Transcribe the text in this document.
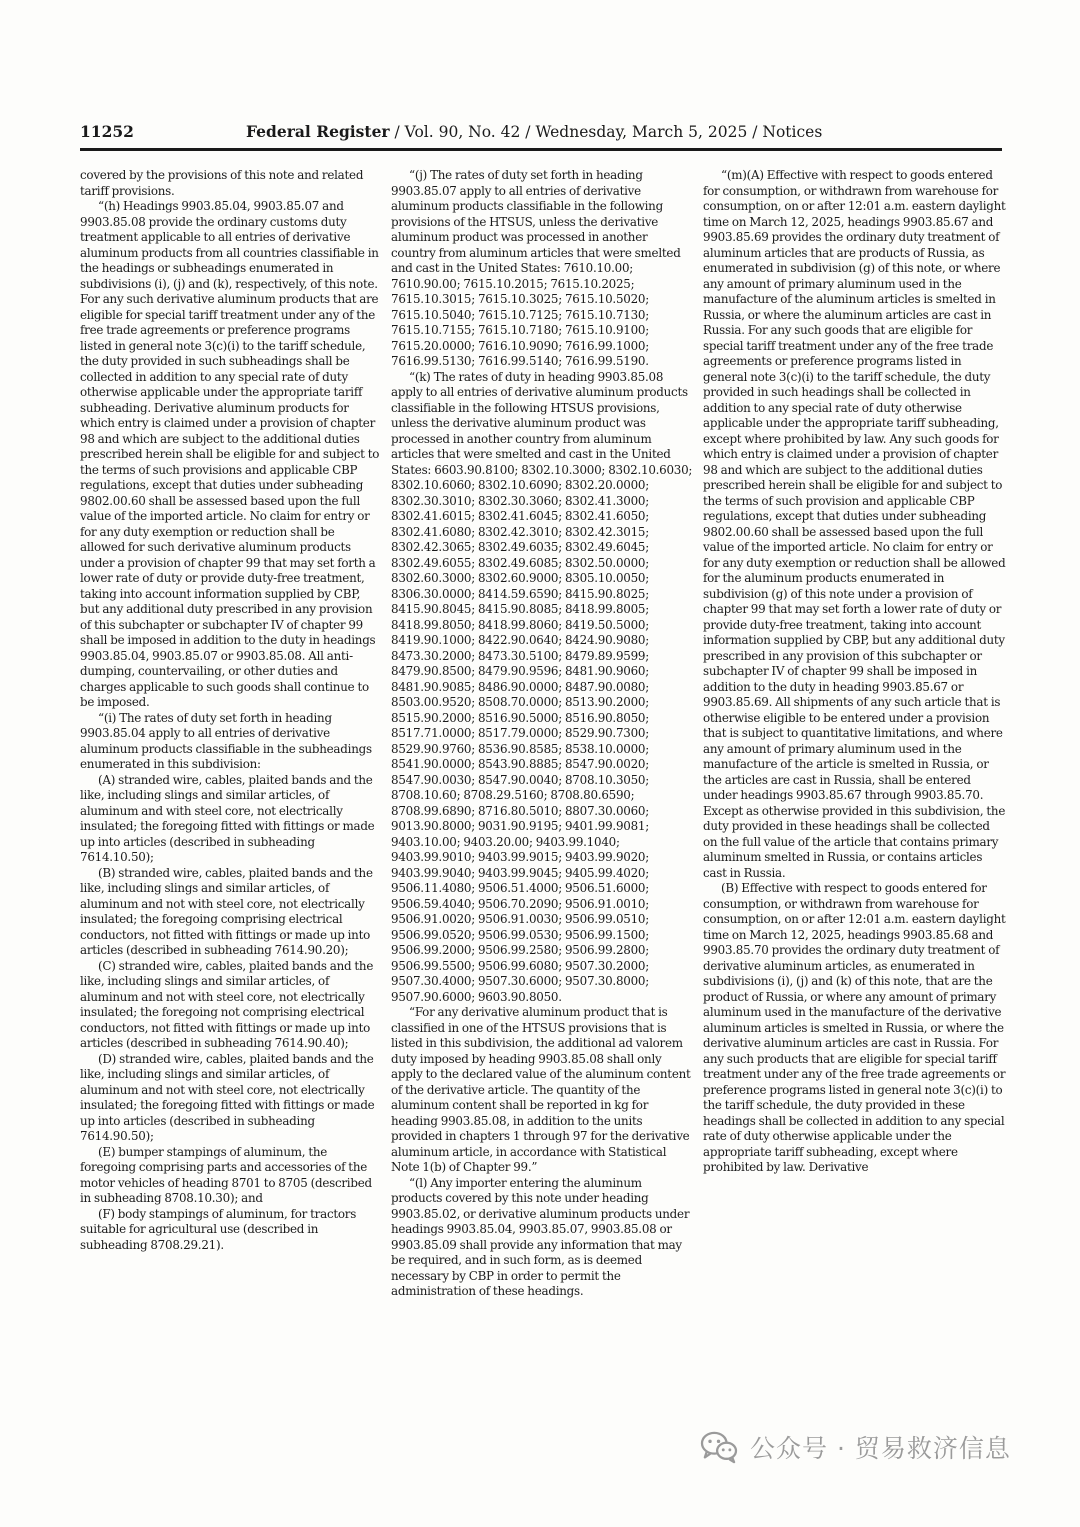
11252	Federal Register / Vol. 90, No. 42 / Wednesday, March 5, 2025 / Notices

covered by the provisions of this note and related tariff provisions.

“(h) Headings 9903.85.04, 9903.85.07 and 9903.85.08 provide the ordinary customs duty treatment applicable to all entries of derivative aluminum products from all countries classifiable in the headings or subheadings enumerated in subdivisions (i), (j) and (k), respectively, of this note. For any such derivative aluminum products that are eligible for special tariff treatment under any of the free trade agreements or preference programs listed in general note 3(c)(i) to the tariff schedule, the duty provided in such subheadings shall be collected in addition to any special rate of duty otherwise applicable under the appropriate tariff subheading. Derivative aluminum products for which entry is claimed under a provision of chapter 98 and which are subject to the additional duties prescribed herein shall be eligible for and subject to the terms of such provisions and applicable CBP regulations, except that duties under subheading 9802.00.60 shall be assessed based upon the full value of the imported article. No claim for entry or for any duty exemption or reduction shall be allowed for such derivative aluminum products under a provision of chapter 99 that may set forth a lower rate of duty or provide duty-free treatment, taking into account information supplied by CBP, but any additional duty prescribed in any provision of this subchapter or subchapter IV of chapter 99 shall be imposed in addition to the duty in headings 9903.85.04, 9903.85.07 or 9903.85.08. All anti-dumping, countervailing, or other duties and charges applicable to such goods shall continue to be imposed.

“(i) The rates of duty set forth in heading 9903.85.04 apply to all entries of derivative aluminum products classifiable in the subheadings enumerated in this subdivision:

(A) stranded wire, cables, plaited bands and the like, including slings and similar articles, of aluminum and with steel core, not electrically insulated; the foregoing fitted with fittings or made up into articles (described in subheading 7614.10.50);

(B) stranded wire, cables, plaited bands and the like, including slings and similar articles, of aluminum and not with steel core, not electrically insulated; the foregoing comprising electrical conductors, not fitted with fittings or made up into articles (described in subheading 7614.90.20);

(C) stranded wire, cables, plaited bands and the like, including slings and similar articles, of aluminum and not with steel core, not electrically insulated; the foregoing not comprising electrical conductors, not fitted with fittings or made up into articles (described in subheading 7614.90.40);

(D) stranded wire, cables, plaited bands and the like, including slings and similar articles, of aluminum and not with steel core, not electrically insulated; the foregoing fitted with fittings or made up into articles (described in subheading 7614.90.50);

(E) bumper stampings of aluminum, the foregoing comprising parts and accessories of the motor vehicles of heading 8701 to 8705 (described in subheading 8708.10.30); and

(F) body stampings of aluminum, for tractors suitable for agricultural use (described in subheading 8708.29.21).

“(j) The rates of duty set forth in heading 9903.85.07 apply to all entries of derivative aluminum products classifiable in the following provisions of the HTSUS, unless the derivative aluminum product was processed in another country from aluminum articles that were smelted and cast in the United States: 7610.10.00; 7610.90.00; 7615.10.2015; 7615.10.2025; 7615.10.3015; 7615.10.3025; 7615.10.5020; 7615.10.5040; 7615.10.7125; 7615.10.7130; 7615.10.7155; 7615.10.7180; 7615.10.9100; 7615.20.0000; 7616.10.9090; 7616.99.1000; 7616.99.5130; 7616.99.5140; 7616.99.5190.

“(k) The rates of duty in heading 9903.85.08 apply to all entries of derivative aluminum products classifiable in the following HTSUS provisions, unless the derivative aluminum product was processed in another country from aluminum articles that were smelted and cast in the United States: 6603.90.8100; 8302.10.3000; 8302.10.6030; 8302.10.6060; 8302.10.6090; 8302.20.0000; 8302.30.3010; 8302.30.3060; 8302.41.3000; 8302.41.6015; 8302.41.6045; 8302.41.6050; 8302.41.6080; 8302.42.3010; 8302.42.3015; 8302.42.3065; 8302.49.6035; 8302.49.6045; 8302.49.6055; 8302.49.6085; 8302.50.0000; 8302.60.3000; 8302.60.9000; 8305.10.0050; 8306.30.0000; 8414.59.6590; 8415.90.8025; 8415.90.8045; 8415.90.8085; 8418.99.8005; 8418.99.8050; 8418.99.8060; 8419.50.5000; 8419.90.1000; 8422.90.0640; 8424.90.9080; 8473.30.2000; 8473.30.5100; 8479.89.9599; 8479.90.8500; 8479.90.9596; 8481.90.9060; 8481.90.9085; 8486.90.0000; 8487.90.0080; 8503.00.9520; 8508.70.0000; 8513.90.2000; 8515.90.2000; 8516.90.5000; 8516.90.8050; 8517.71.0000; 8517.79.0000; 8529.90.7300; 8529.90.9760; 8536.90.8585; 8538.10.0000; 8541.90.0000; 8543.90.8885; 8547.90.0020; 8547.90.0030; 8547.90.0040; 8708.10.3050; 8708.10.60; 8708.29.5160; 8708.80.6590; 8708.99.6890; 8716.80.5010; 8807.30.0060; 9013.90.8000; 9031.90.9195; 9401.99.9081; 9403.10.00; 9403.20.00; 9403.99.1040; 9403.99.9010; 9403.99.9015; 9403.99.9020; 9403.99.9040; 9403.99.9045; 9405.99.4020; 9506.11.4080; 9506.51.4000; 9506.51.6000; 9506.59.4040; 9506.70.2090; 9506.91.0010; 9506.91.0020; 9506.91.0030; 9506.99.0510; 9506.99.0520; 9506.99.0530; 9506.99.1500; 9506.99.2000; 9506.99.2580; 9506.99.2800; 9506.99.5500; 9506.99.6080; 9507.30.2000; 9507.30.4000; 9507.30.6000; 9507.30.8000; 9507.90.6000; 9603.90.8050.

“For any derivative aluminum product that is classified in one of the HTSUS provisions that is listed in this subdivision, the additional ad valorem duty imposed by heading 9903.85.08 shall only apply to the declared value of the aluminum content of the derivative article. The quantity of the aluminum content shall be reported in kg for heading 9903.85.08, in addition to the units provided in chapters 1 through 97 for the derivative aluminum article, in accordance with Statistical Note 1(b) of Chapter 99.”

“(l) Any importer entering the aluminum products covered by this note under heading 9903.85.02, or derivative aluminum products under headings 9903.85.04, 9903.85.07, 9903.85.08 or 9903.85.09 shall provide any information that may be required, and in such form, as is deemed necessary by CBP in order to permit the administration of these headings.

“(m)(A) Effective with respect to goods entered for consumption, or withdrawn from warehouse for consumption, on or after 12:01 a.m. eastern daylight time on March 12, 2025, headings 9903.85.67 and 9903.85.69 provides the ordinary duty treatment of aluminum articles that are products of Russia, as enumerated in subdivision (g) of this note, or where any amount of primary aluminum used in the manufacture of the aluminum articles is smelted in Russia, or where the aluminum articles are cast in Russia. For any such goods that are eligible for special tariff treatment under any of the free trade agreements or preference programs listed in general note 3(c)(i) to the tariff schedule, the duty provided in such headings shall be collected in addition to any special rate of duty otherwise applicable under the appropriate tariff subheading, except where prohibited by law. Any such goods for which entry is claimed under a provision of chapter 98 and which are subject to the additional duties prescribed herein shall be eligible for and subject to the terms of such provision and applicable CBP regulations, except that duties under subheading 9802.00.60 shall be assessed based upon the full value of the imported article. No claim for entry or for any duty exemption or reduction shall be allowed for the aluminum products enumerated in subdivision (g) of this note under a provision of chapter 99 that may set forth a lower rate of duty or provide duty-free treatment, taking into account information supplied by CBP, but any additional duty prescribed in any provision of this subchapter or subchapter IV of chapter 99 shall be imposed in addition to the duty in heading 9903.85.67 or 9903.85.69. All shipments of any such article that is otherwise eligible to be entered under a provision that is subject to quantitative limitations, and where any amount of primary aluminum used in the manufacture of the article is smelted in Russia, or the articles are cast in Russia, shall be entered under headings 9903.85.67 through 9903.85.70. Except as otherwise provided in this subdivision, the duty provided in these headings shall be collected on the full value of the article that contains primary aluminum smelted in Russia, or contains articles cast in Russia.

(B) Effective with respect to goods entered for consumption, or withdrawn from warehouse for consumption, on or after 12:01 a.m. eastern daylight time on March 12, 2025, headings 9903.85.68 and 9903.85.70 provides the ordinary duty treatment of derivative aluminum articles, as enumerated in subdivisions (i), (j) and (k) of this note, that are the product of Russia, or where any amount of primary aluminum used in the manufacture of the derivative aluminum articles is smelted in Russia, or where the derivative aluminum articles are cast in Russia. For any such products that are eligible for special tariff treatment under any of the free trade agreements or preference programs listed in general note 3(c)(i) to the tariff schedule, the duty provided in these headings shall be collected in addition to any special rate of duty otherwise applicable under the appropriate tariff subheading, except where prohibited by law. Derivative

公众号 · 贸易救济信息
